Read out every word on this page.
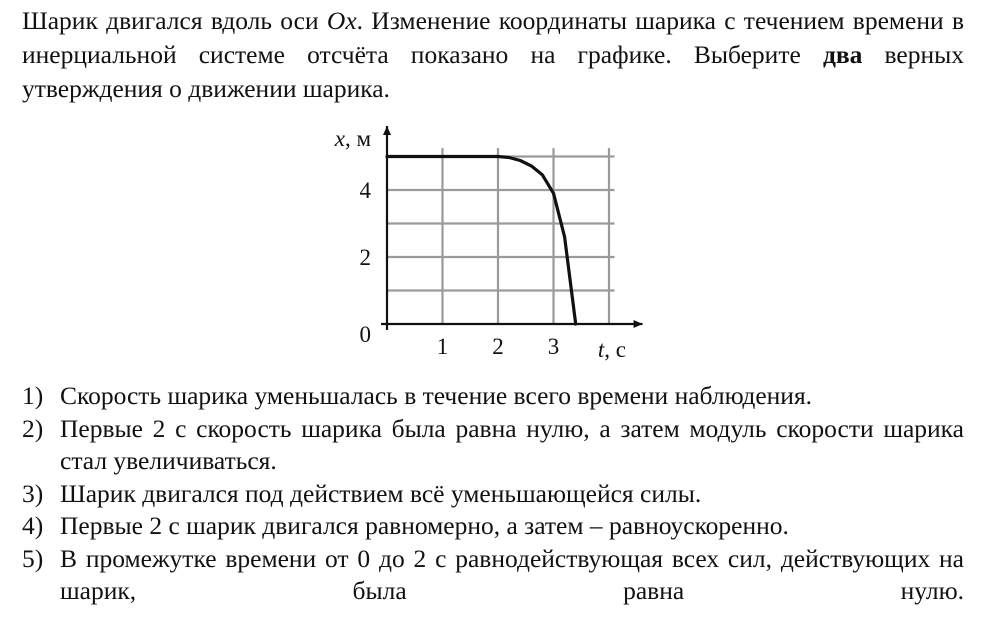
Шарик двигался вдоль оси Ox. Изменение координаты шарика с течением времени в инерциальной системе отсчёта показано на графике. Выберите два верных утверждения о движении шарика.
1 2 3
2
4
0
x, м
t, с
1) Скорость шарика уменьшалась в течение всего времени наблюдения.
2) Первые 2 с скорость шарика была равна нулю, а затем модуль скорости шарика стал увеличиваться.
3) Шарик двигался под действием всё уменьшающейся силы.
4) Первые 2 с шарик двигался равномерно, а затем – равноускоренно.
5) В промежутке времени от 0 до 2 с равнодействующая всех сил, действующих на шарик, была равна нулю.
